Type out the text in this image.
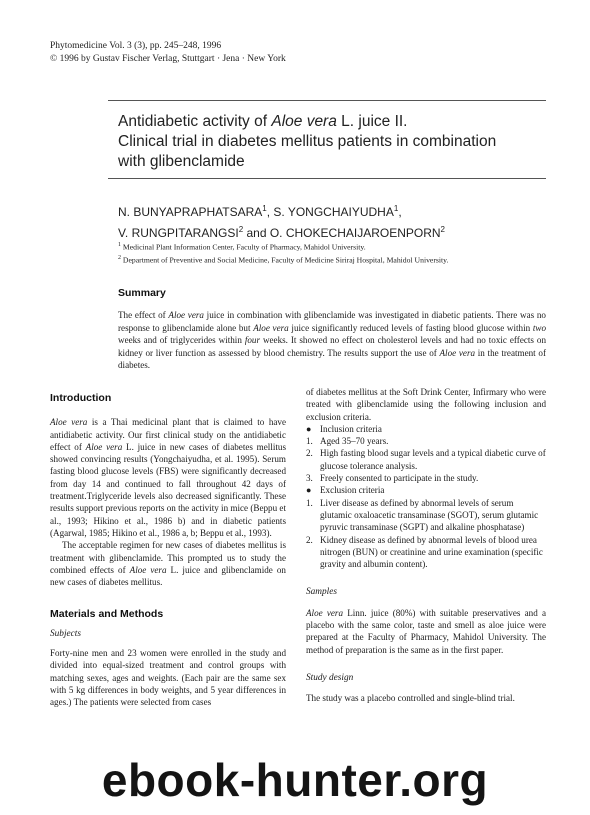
Phytomedicine Vol. 3 (3), pp. 245–248, 1996
© 1996 by Gustav Fischer Verlag, Stuttgart · Jena · New York
Antidiabetic activity of Aloe vera L. juice II.
Clinical trial in diabetes mellitus patients in combination
with glibenclamide
N. BUNYAPRAPHATSARA$^1$, S. YONGCHAIYUDHA$^1$,
V. RUNGPITARANGSI$^2$ and O. CHOKECHAIJAROENPORN$^2$
$^1$ Medicinal Plant Information Center, Faculty of Pharmacy, Mahidol University.
$^2$ Department of Preventive and Social Medicine, Faculty of Medicine Siriraj Hospital, Mahidol University.
Summary
The effect of Aloe vera juice in combination with glibenclamide was investigated in diabetic patients. There was no response to glibenclamide alone but Aloe vera juice significantly reduced levels of fasting blood glucose within two weeks and of triglycerides within four weeks. It showed no effect on cholesterol levels and had no toxic effects on kidney or liver function as assessed by blood chemistry. The results support the use of Aloe vera in the treatment of diabetes.
Introduction

Aloe vera is a Thai medicinal plant that is claimed to have antidiabetic activity. Our first clinical study on the antidiabetic effect of Aloe vera L. juice in new cases of diabetes mellitus showed convincing results (Yongchaiyudha, et al. 1995). Serum fasting blood glucose levels (FBS) were significantly decreased from day 14 and continued to fall throughout 42 days of treatment.Triglyceride levels also decreased significantly. These results support previous reports on the activity in mice (Beppu et al., 1993; Hikino et al., 1986 b) and in diabetic patients (Agarwal, 1985; Hikino et al., 1986 a, b; Beppu et al., 1993).

The acceptable regimen for new cases of diabetes mellitus is treatment with glibenclamide. This prompted us to study the combined effects of Aloe vera L. juice and glibenclamide on new cases of diabetes mellitus.

Materials and Methods

Subjects

Forty-nine men and 23 women were enrolled in the study and divided into equal-sized treatment and control groups with matching sexes, ages and weights. (Each pair are the same sex with 5 kg differences in body weights, and 5 year differences in ages.) The patients were selected from cases

of diabetes mellitus at the Soft Drink Center, Infirmary who were treated with glibenclamide using the following inclusion and exclusion criteria.

● Inclusion criteria
1. Aged 35–70 years.
2. High fasting blood sugar levels and a typical diabetic curve of glucose tolerance analysis.
3. Freely consented to participate in the study.
● Exclusion criteria
1. Liver disease as defined by abnormal levels of serum glutamic oxaloacetic transaminase (SGOT), serum glutamic pyruvic transaminase (SGPT) and alkaline phosphatase)
2. Kidney disease as defined by abnormal levels of blood urea nitrogen (BUN) or creatinine and urine examination (specific gravity and albumin content).

Samples

Aloe vera Linn. juice (80%) with suitable preservatives and a placebo with the same color, taste and smell as aloe juice were prepared at the Faculty of Pharmacy, Mahidol University. The method of preparation is the same as in the first paper.

Study design

The study was a placebo controlled and single-blind trial.

ebook-hunter.org
